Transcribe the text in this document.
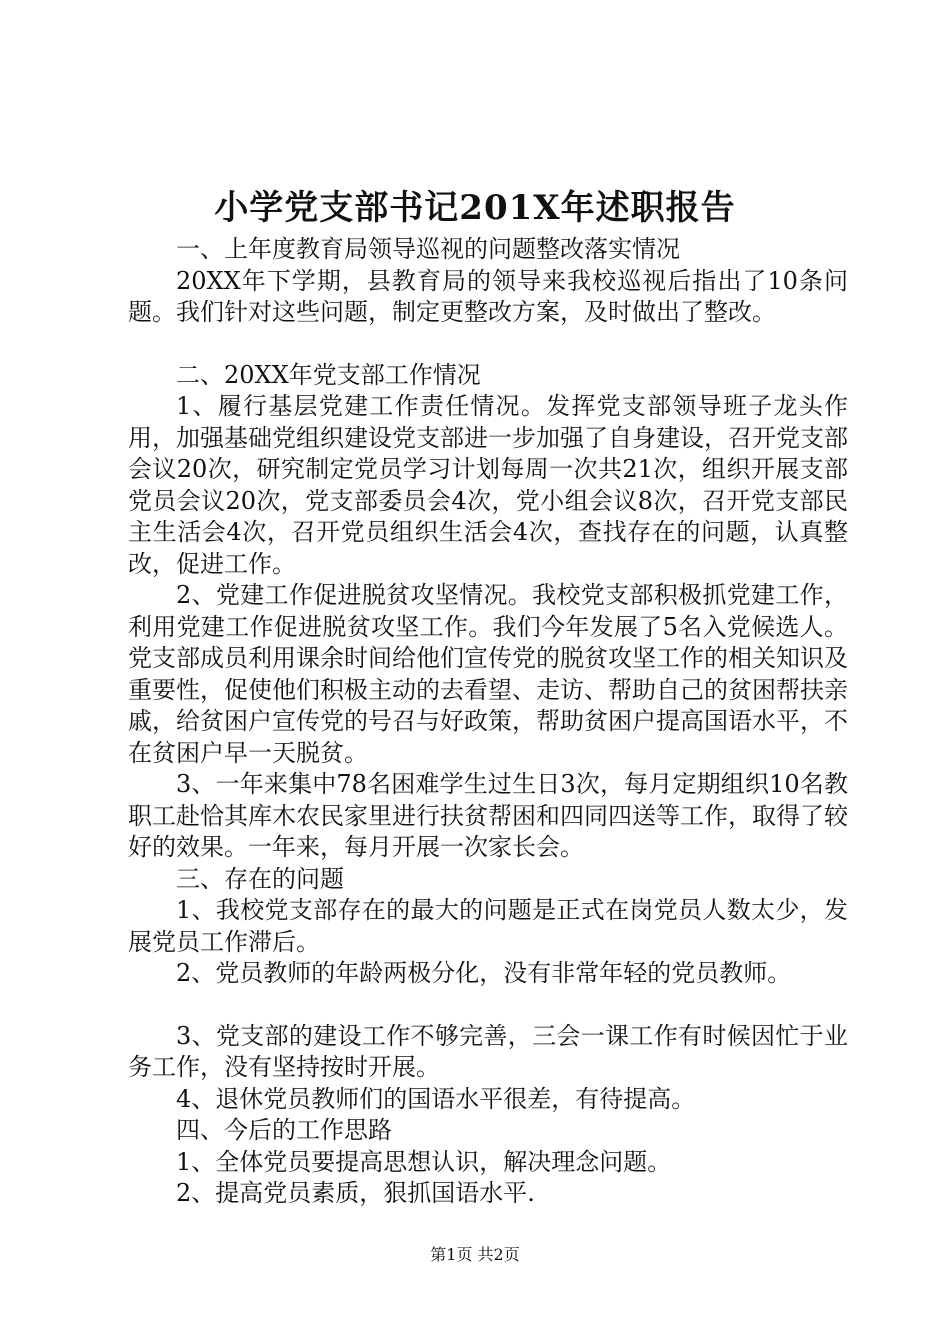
小学党支部书记201X年述职报告

一、上年度教育局领导巡视的问题整改落实情况

20XX年下学期，县教育局的领导来我校巡视后指出了10条问题。我们针对这些问题，制定更整改方案，及时做出了整改。

二、20XX年党支部工作情况

1、履行基层党建工作责任情况。发挥党支部领导班子龙头作用，加强基础党组织建设党支部进一步加强了自身建设，召开党支部会议20次，研究制定党员学习计划每周一次共21次，组织开展支部党员会议20次，党支部委员会4次，党小组会议8次，召开党支部民主生活会4次，召开党员组织生活会4次，查找存在的问题，认真整改，促进工作。

2、党建工作促进脱贫攻坚情况。我校党支部积极抓党建工作，利用党建工作促进脱贫攻坚工作。我们今年发展了5名入党候选人。党支部成员利用课余时间给他们宣传党的脱贫攻坚工作的相关知识及重要性，促使他们积极主动的去看望、走访、帮助自己的贫困帮扶亲戚，给贫困户宣传党的号召与好政策，帮助贫困户提高国语水平，不在贫困户早一天脱贫。

3、一年来集中78名困难学生过生日3次，每月定期组织10名教职工赴恰其库木农民家里进行扶贫帮困和四同四送等工作，取得了较好的效果。一年来，每月开展一次家长会。

三、存在的问题

1、我校党支部存在的最大的问题是正式在岗党员人数太少，发展党员工作滞后。

2、党员教师的年龄两极分化，没有非常年轻的党员教师。

3、党支部的建设工作不够完善，三会一课工作有时候因忙于业务工作，没有坚持按时开展。

4、退休党员教师们的国语水平很差，有待提高。

四、今后的工作思路

1、全体党员要提高思想认识，解决理念问题。

2、提高党员素质，狠抓国语水平.

第1页 共2页
